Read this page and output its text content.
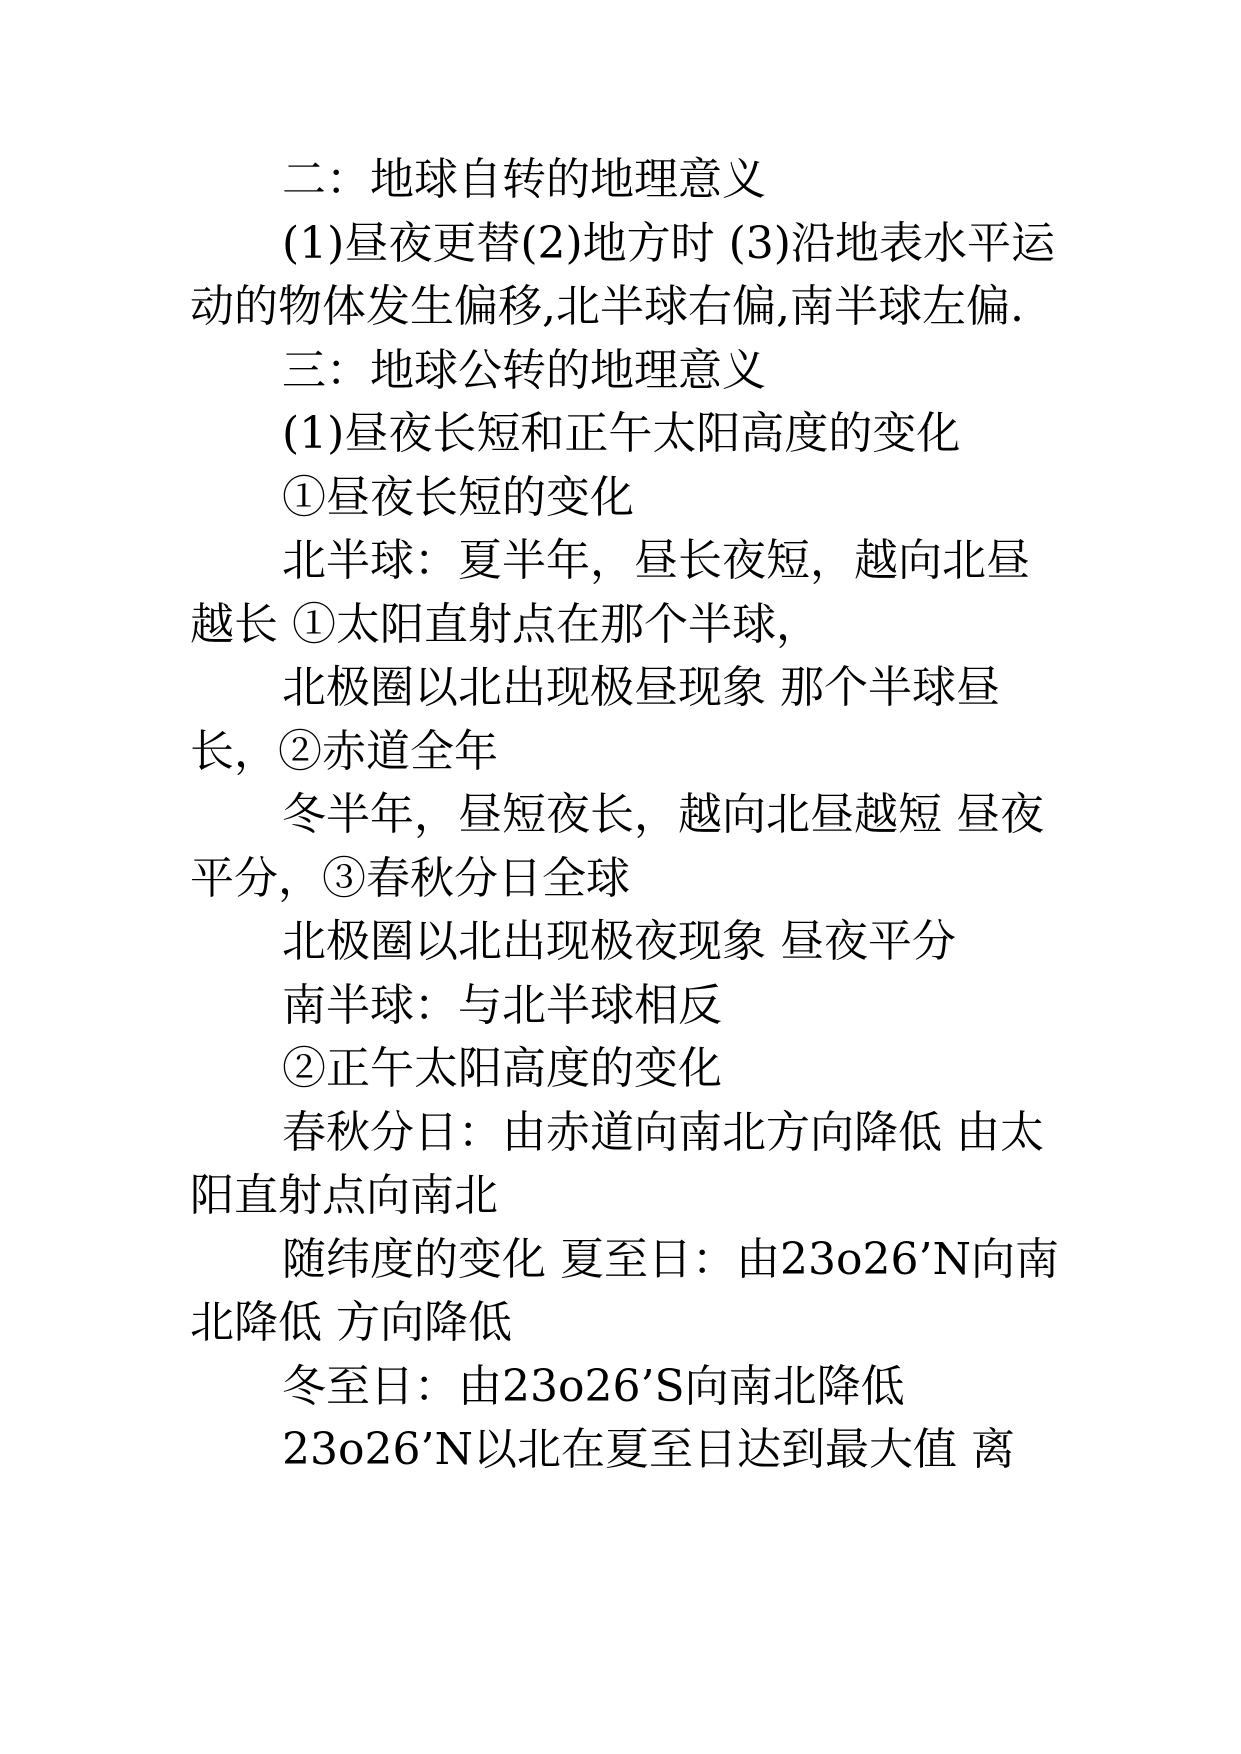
二：地球自转的地理意义

(1)昼夜更替(2)地方时 (3)沿地表水平运动的物体发生偏移,北半球右偏,南半球左偏.

三：地球公转的地理意义

(1)昼夜长短和正午太阳高度的变化

①昼夜长短的变化

北半球：夏半年，昼长夜短，越向北昼越长 ①太阳直射点在那个半球，

北极圈以北出现极昼现象 那个半球昼长，②赤道全年

冬半年，昼短夜长，越向北昼越短 昼夜平分，③春秋分日全球

北极圈以北出现极夜现象 昼夜平分

南半球：与北半球相反

②正午太阳高度的变化

春秋分日：由赤道向南北方向降低 由太阳直射点向南北

随纬度的变化 夏至日：由23o26’N向南北降低 方向降低

冬至日：由23o26’S向南北降低

23o26’N以北在夏至日达到最大值 离
